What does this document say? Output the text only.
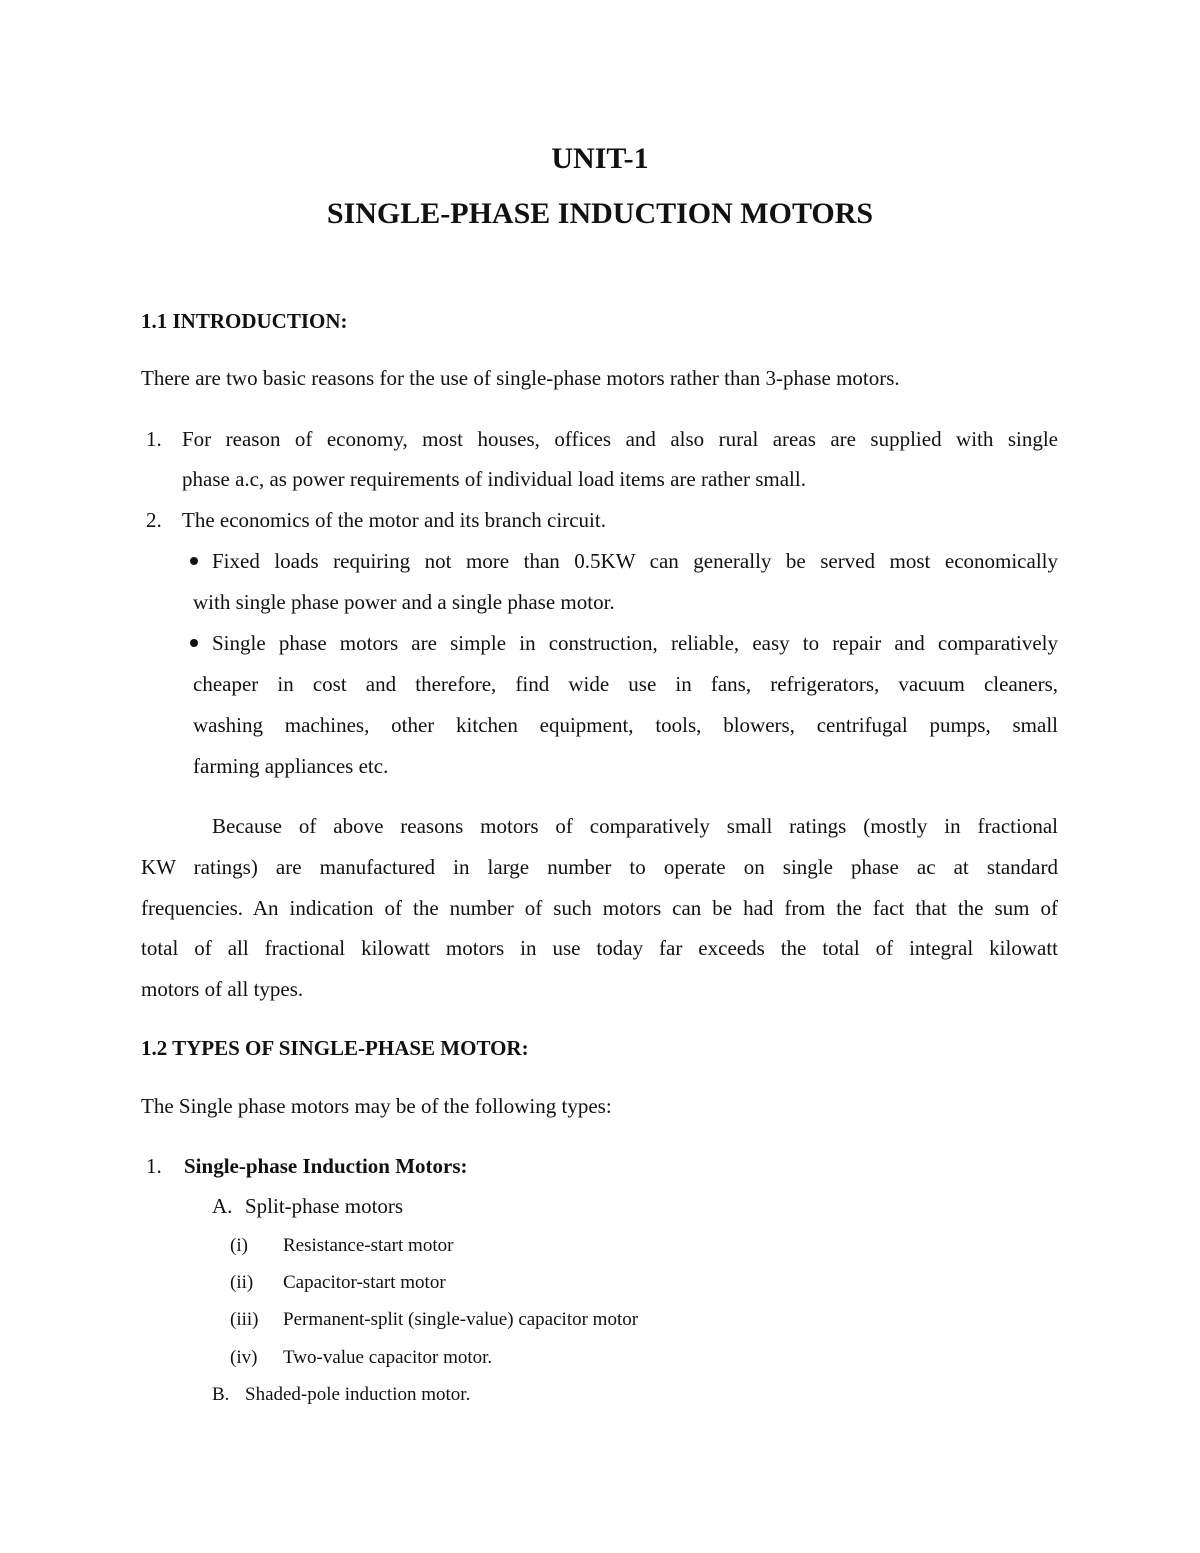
UNIT-1
SINGLE-PHASE INDUCTION MOTORS
1.1 INTRODUCTION:
There are two basic reasons for the use of single-phase motors rather than 3-phase motors.
1. For reason of economy, most houses, offices and also rural areas are supplied with single
phase a.c, as power requirements of individual load items are rather small.
2. The economics of the motor and its branch circuit.
Fixed loads requiring not more than 0.5KW can generally be served most economically
with single phase power and a single phase motor.
Single phase motors are simple in construction, reliable, easy to repair and comparatively
cheaper in cost and therefore, find wide use in fans, refrigerators, vacuum cleaners,
washing machines, other kitchen equipment, tools, blowers, centrifugal pumps, small
farming appliances etc.
Because of above reasons motors of comparatively small ratings (mostly in fractional
KW ratings) are manufactured in large number to operate on single phase ac at standard
frequencies. An indication of the number of such motors can be had from the fact that the sum of
total of all fractional kilowatt motors in use today far exceeds the total of integral kilowatt
motors of all types.
1.2 TYPES OF SINGLE-PHASE MOTOR:
The Single phase motors may be of the following types:
1. Single-phase Induction Motors:
A. Split-phase motors
(i) Resistance-start motor
(ii) Capacitor-start motor
(iii) Permanent-split (single-value) capacitor motor
(iv) Two-value capacitor motor.
B. Shaded-pole induction motor.
